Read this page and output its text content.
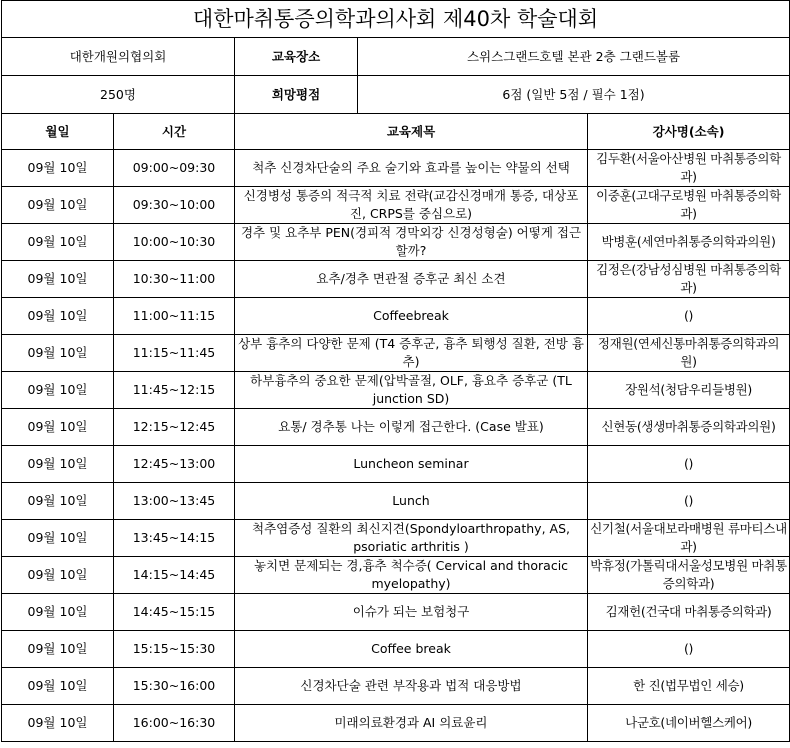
대한마취통증의학과의사회 제40차 학술대회				
대한개원의협의회		교육장소	스위스그랜드호텔 본관 2층 그랜드볼룸	
250명		희망평점	6점 (일반 5점 / 필수 1점)	
월일	시간	교육제목		강사명(소속)
09월 10일	09:00~09:30	척추 신경차단술의 주요 술기와 효과를 높이는 약물의 선택		김두환(서울아산병원 마취통증의학과)
09월 10일	09:30~10:00	신경병성 통증의 적극적 치료 전략(교감신경매개 통증, 대상포진, CRPS를 중심으로)		이중훈(고대구로병원 마취통증의학과)
09월 10일	10:00~10:30	경추 및 요추부 PEN(경피적 경막외강 신경성형술) 어떻게 접근할까?		박병훈(세연마취통증의학과의원)
09월 10일	10:30~11:00	요추/경추 면관절 증후군 최신 소견		김정은(강남성심병원 마취통증의학과)
09월 10일	11:00~11:15	Coffeebreak		()
09월 10일	11:15~11:45	상부 흉추의 다양한 문제 (T4 증후군, 흉추 퇴행성 질환, 전방 흉추)		정재원(연세신통마취통증의학과의원)
09월 10일	11:45~12:15	하부흉추의 중요한 문제(압박골절, OLF, 흉요추 증후군 (TL junction SD)		장원석(청담우리들병원)
09월 10일	12:15~12:45	요통/ 경추통 나는 이렇게 접근한다. (Case 발표)		신현동(생생마취통증의학과의원)
09월 10일	12:45~13:00	Luncheon seminar		()
09월 10일	13:00~13:45	Lunch		()
09월 10일	13:45~14:15	척추염증성 질환의 최신지견(Spondyloarthropathy, AS, psoriatic arthritis )		신기철(서울대보라매병원 류마티스내과)
09월 10일	14:15~14:45	놓치면 문제되는 경,흉추 척수증( Cervical and thoracic myelopathy)		박휴정(가톨릭대서울성모병원 마취통증의학과)
09월 10일	14:45~15:15	이슈가 되는 보험청구		김재헌(건국대 마취통증의학과)
09월 10일	15:15~15:30	Coffee break		()
09월 10일	15:30~16:00	신경차단술 관련 부작용과 법적 대응방법		한 진(법무법인 세승)
09월 10일	16:00~16:30	미래의료환경과 AI 의료윤리		나군호(네이버헬스케어)
